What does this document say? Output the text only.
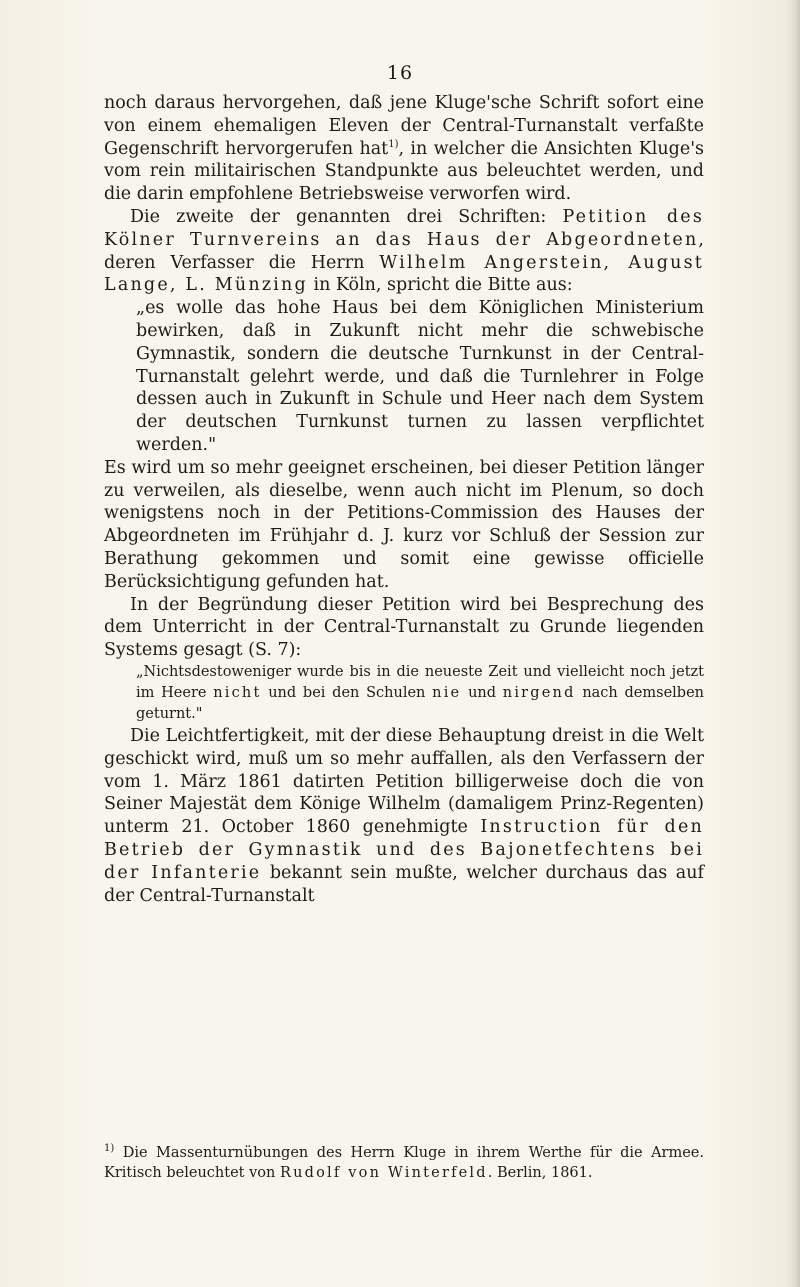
16

noch daraus hervorgehen, daß jene Kluge'sche Schrift sofort eine von einem ehemaligen Eleven der Central-Turnanstalt verfaßte Gegenschrift hervorgerufen hat$^{1)}$, in welcher die Ansichten Kluge's vom rein militairischen Standpunkte aus beleuchtet werden, und die darin empfohlene Betriebsweise verworfen wird.

Die zweite der genannten drei Schriften: Petition des Kölner Turnvereins an das Haus der Abgeordneten, deren Verfasser die Herrn Wilhelm Angerstein, August Lange, L. Münzing in Köln, spricht die Bitte aus:

„es wolle das hohe Haus bei dem Königlichen Ministerium bewirken, daß in Zukunft nicht mehr die schwebische Gymnastik, sondern die deutsche Turnkunst in der Central-Turnanstalt gelehrt werde, und daß die Turnlehrer in Folge dessen auch in Zukunft in Schule und Heer nach dem System der deutschen Turnkunst turnen zu lassen verpflichtet werden."

Es wird um so mehr geeignet erscheinen, bei dieser Petition länger zu verweilen, als dieselbe, wenn auch nicht im Plenum, so doch wenigstens noch in der Petitions-Commission des Hauses der Abgeordneten im Frühjahr d. J. kurz vor Schluß der Session zur Berathung gekommen und somit eine gewisse officielle Berücksichtigung gefunden hat.

In der Begründung dieser Petition wird bei Besprechung des dem Unterricht in der Central-Turnanstalt zu Grunde liegenden Systems gesagt (S. 7):

„Nichtsdestoweniger wurde bis in die neueste Zeit und vielleicht noch jetzt im Heere nicht und bei den Schulen nie und nirgend nach demselben geturnt."

Die Leichtfertigkeit, mit der diese Behauptung dreist in die Welt geschickt wird, muß um so mehr auffallen, als den Verfassern der vom 1. März 1861 datirten Petition billigerweise doch die von Seiner Majestät dem Könige Wilhelm (damaligem Prinz-Regenten) unterm 21. October 1860 genehmigte Instruction für den Betrieb der Gymnastik und des Bajonetfechtens bei der Infanterie bekannt sein mußte, welcher durchaus das auf der Central-Turnanstalt

$^{1)}$ Die Massenturnübungen des Herrn Kluge in ihrem Werthe für die Armee. Kritisch beleuchtet von Rudolf von Winterfeld. Berlin, 1861.
